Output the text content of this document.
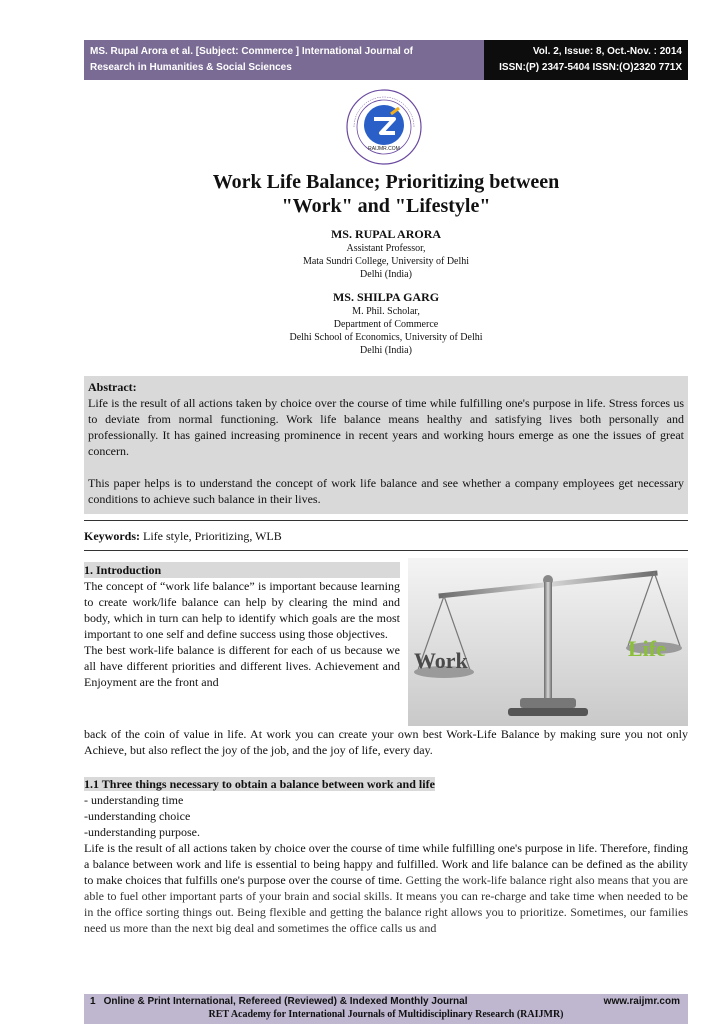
MS. Rupal Arora et al. [Subject: Commerce ] International Journal of
Research in Humanities & Social Sciences
Vol. 2, Issue: 8, Oct.-Nov. : 2014
ISSN:(P) 2347-5404 ISSN:(O)2320 771X
RAIJMR.COM
Work Life Balance; Prioritizing between
"Work" and "Lifestyle"
MS. RUPAL ARORA
Assistant Professor,
Mata Sundri College, University of Delhi
Delhi (India)
MS. SHILPA GARG
M. Phil. Scholar,
Department of Commerce
Delhi School of Economics, University of Delhi
Delhi (India)
Abstract:

Life is the result of all actions taken by choice over the course of time while fulfilling one's purpose in life. Stress forces us to deviate from normal functioning. Work life balance means healthy and satisfying lives both personally and professionally. It has gained increasing prominence in recent years and working hours emerge as one the issues of great concern.

This paper helps is to understand the concept of work life balance and see whether a company employees get necessary conditions to achieve such balance in their lives.

Keywords: Life style, Prioritizing, WLB
1. Introduction

The concept of “work life balance” is important because learning to create work/life balance can help by clearing the mind and body, which in turn can help to identify which goals are the most important to one self and define success using those objectives.

The best work-life balance is different for each of us because we all have different priorities and different lives. Achievement and Enjoyment are the front and

Work	Life
back of the coin of value in life. At work you can create your own best Work-Life Balance by making sure you not only Achieve, but also reflect the joy of the job, and the joy of life, every day.
1.1 Three things necessary to obtain a balance between work and life

- understanding time

-understanding choice

-understanding purpose.

Life is the result of all actions taken by choice over the course of time while fulfilling one's purpose in life. Therefore, finding a balance between work and life is essential to being happy and fulfilled. Work and life balance can be defined as the ability to make choices that fulfills one's purpose over the course of time. Getting the work-life balance right also means that you are able to fuel other important parts of your brain and social skills. It means you can re-charge and take time when needed to be in the office sorting things out. Being flexible and getting the balance right allows you to prioritize. Sometimes, our families need us more than the next big deal and sometimes the office calls us and

1 Online & Print International, Refereed (Reviewed) & Indexed Monthly Journal	www.raijmr.com
RET Academy for International Journals of Multidisciplinary Research (RAIJMR)
